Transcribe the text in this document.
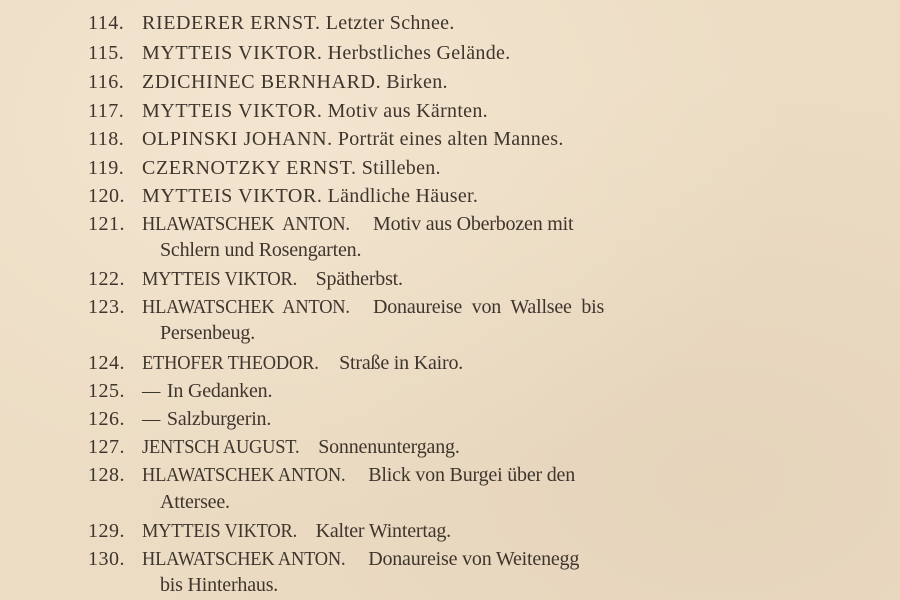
114. RIEDERER ERNST. Letzter Schnee.
115. MYTTEIS VIKTOR. Herbstliches Gelände.
116. ZDICHINEC BERNHARD. Birken.
117. MYTTEIS VIKTOR. Motiv aus Kärnten.
118. OLPINSKI JOHANN. Porträt eines alten Mannes.
119. CZERNOTZKY ERNST. Stilleben.
120. MYTTEIS VIKTOR. Ländliche Häuser.
121. HLAWATSCHEK  ANTON. Motiv aus Oberbozen mit
Schlern und Rosengarten.
122. MYTTEIS VIKTOR. Spätherbst.
123. HLAWATSCHEK  ANTON. Donaureise  von  Wallsee  bis
Persenbeug.
124. ETHOFER THEODOR. Straße in Kairo.
125. — In Gedanken.
126. — Salzburgerin.
127. JENTSCH AUGUST. Sonnenuntergang.
128. HLAWATSCHEK ANTON. Blick von Burgei über den
Attersee.
129. MYTTEIS VIKTOR. Kalter Wintertag.
130. HLAWATSCHEK ANTON. Donaureise von Weitenegg
bis Hinterhaus.
